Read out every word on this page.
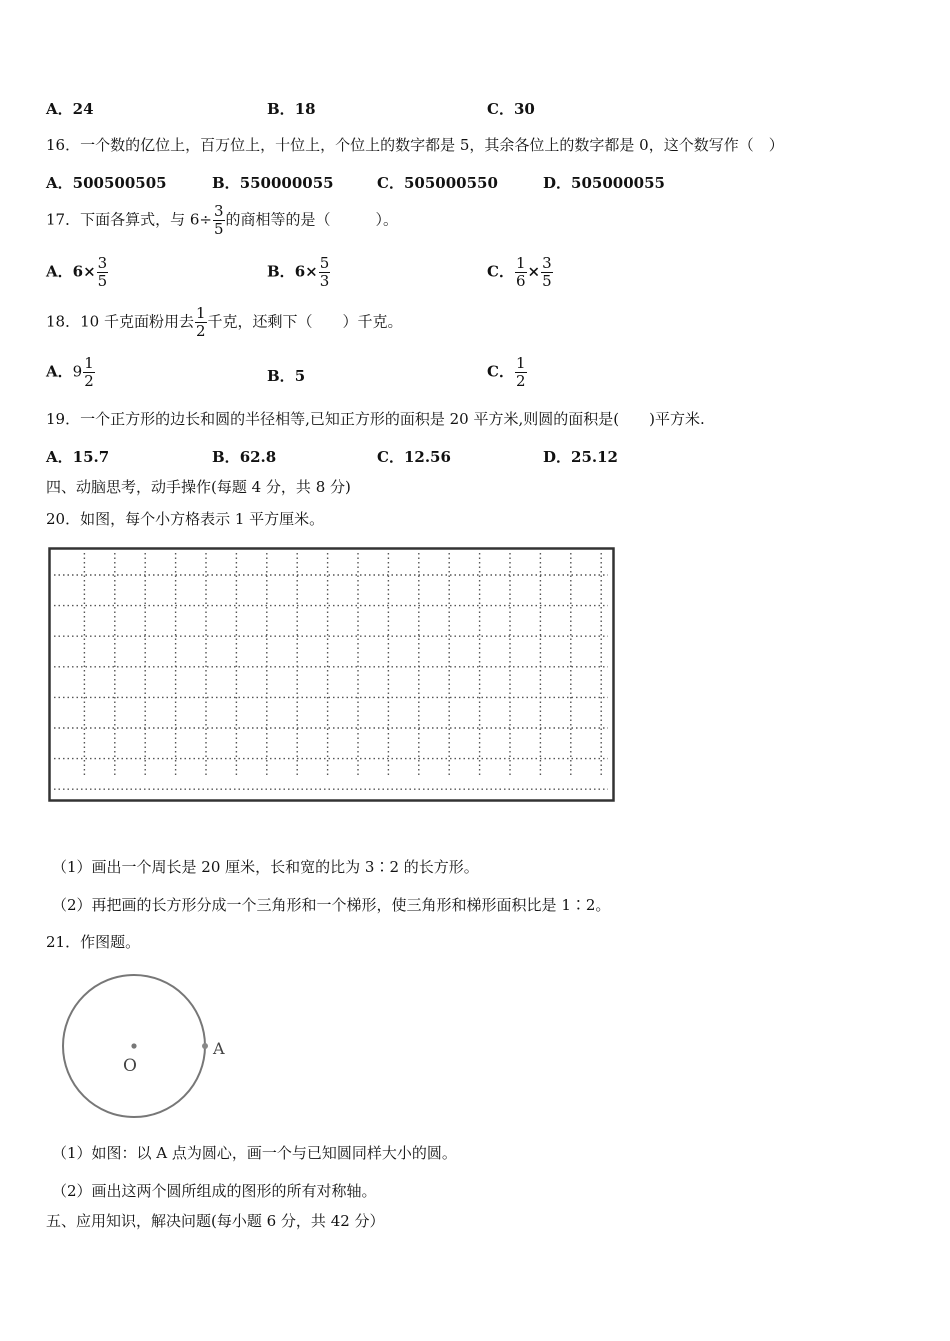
A．24	B．18	C．30
16．一个数的亿位上，百万位上，十位上，个位上的数字都是 5，其余各位上的数字都是 0，这个数写作（　）
A．500500505	B．550000055	C．505000550	D．505000055
17．下面各算式，与 $6\div \frac{3}{5}$ 的商相等的是（　　　）。
A．$6\times \frac{3}{5}$	B．$6\times \frac{5}{3}$	C． $\frac{1}{6} \times \frac{3}{5}$
18．10 千克面粉用去 $\frac{1}{2}$ 千克，还剩下（　　）千克。
A．$9 \frac{1}{2}$	B．5	C． $\frac{1}{2}$
19．一个正方形的边长和圆的半径相等,已知正方形的面积是 20 平方米,则圆的面积是(　　)平方米.
A．15.7	B．62.8	C．12.56	D．25.12
四、动脑思考，动手操作(每题 4 分，共 8 分)
20．如图，每个小方格表示 1 平方厘米。
（1）画出一个周长是 20 厘米，长和宽的比为 3∶2 的长方形。
（2）再把画的长方形分成一个三角形和一个梯形，使三角形和梯形面积比是 1∶2。
21．作图题。
O
A
（1）如图：以 A 点为圆心，画一个与已知圆同样大小的圆。
（2）画出这两个圆所组成的图形的所有对称轴。
五、应用知识，解决问题(每小题 6 分，共 42 分）
